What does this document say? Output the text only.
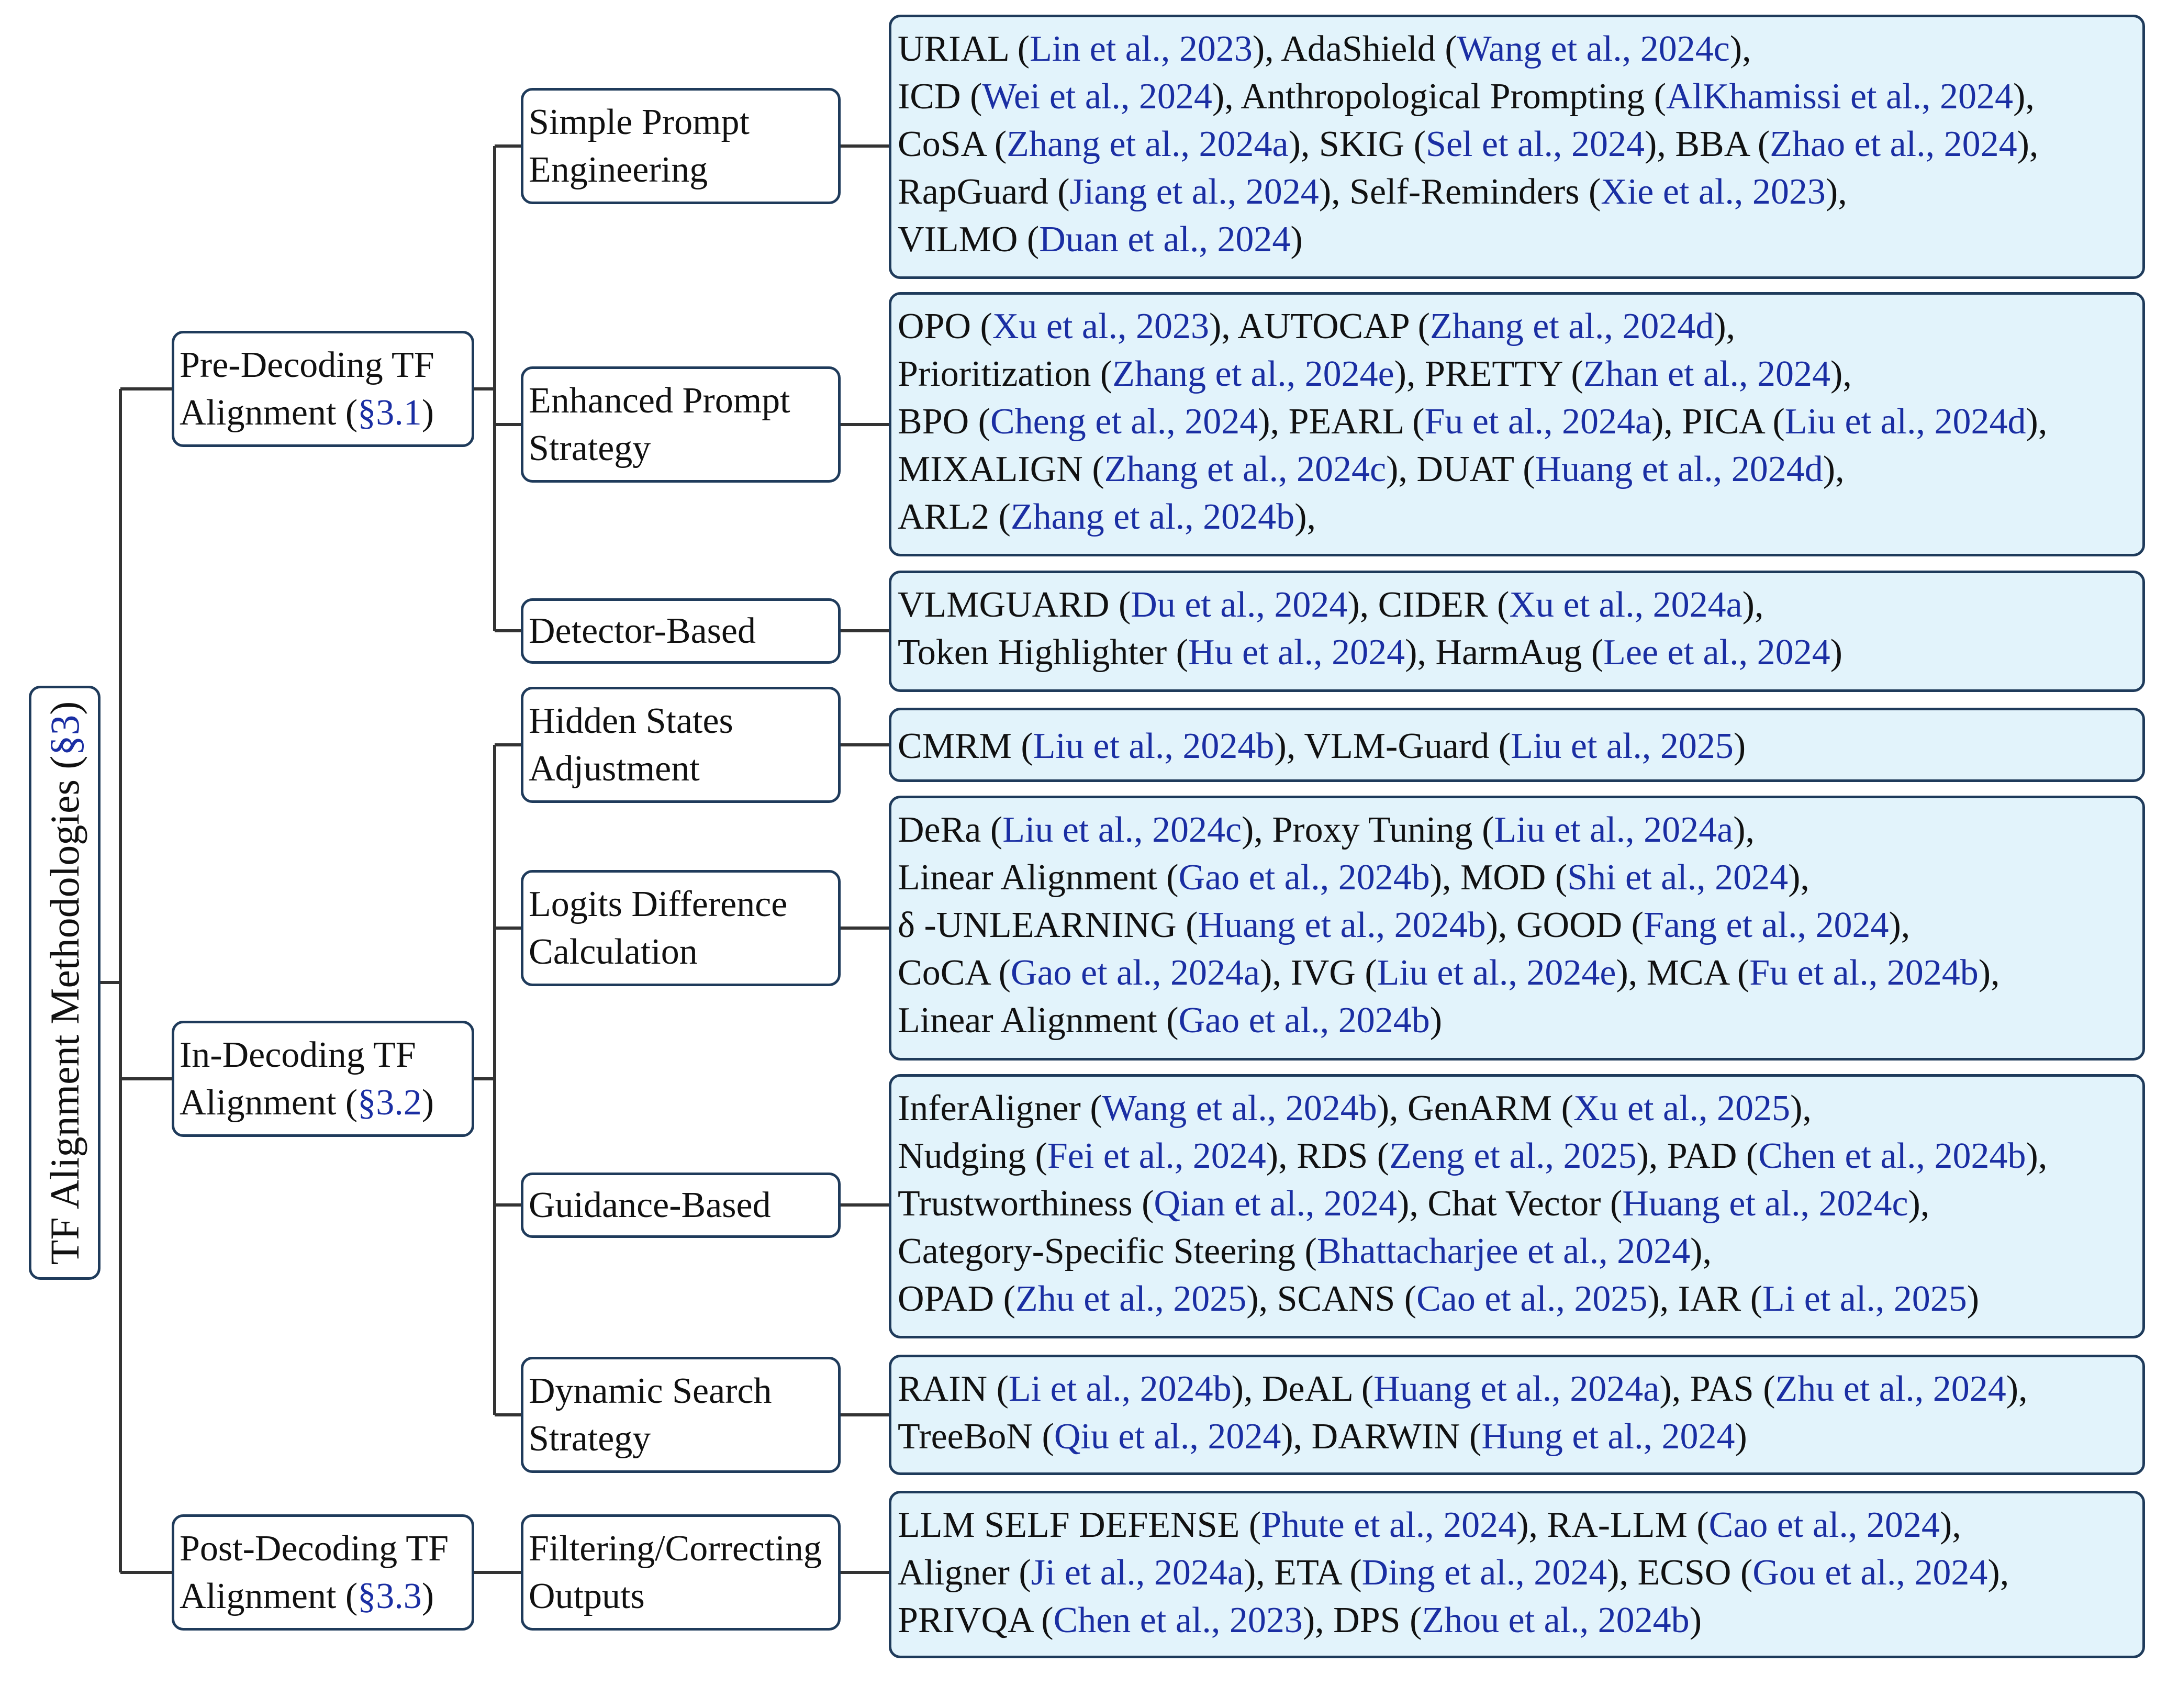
TF Alignment Methodologies (§3)
Pre-Decoding TF
Alignment (§3.1)
In-Decoding TF
Alignment (§3.2)
Post-Decoding TF
Alignment (§3.3)
Simple Prompt
Engineering
Enhanced Prompt
Strategy
Detector-Based
Hidden States
Adjustment
Logits Difference
Calculation
Guidance-Based
Dynamic Search
Strategy
Filtering/Correcting
Outputs
URIAL (Lin et al., 2023), AdaShield (Wang et al., 2024c),
ICD (Wei et al., 2024), Anthropological Prompting (AlKhamissi et al., 2024),
CoSA (Zhang et al., 2024a), SKIG (Sel et al., 2024), BBA (Zhao et al., 2024),
RapGuard (Jiang et al., 2024), Self-Reminders (Xie et al., 2023),
VILMO (Duan et al., 2024)
OPO (Xu et al., 2023), AUTOCAP (Zhang et al., 2024d),
Prioritization (Zhang et al., 2024e), PRETTY (Zhan et al., 2024),
BPO (Cheng et al., 2024), PEARL (Fu et al., 2024a), PICA (Liu et al., 2024d),
MIXALIGN (Zhang et al., 2024c), DUAT (Huang et al., 2024d),
ARL2 (Zhang et al., 2024b),
VLMGUARD (Du et al., 2024), CIDER (Xu et al., 2024a),
Token Highlighter (Hu et al., 2024), HarmAug (Lee et al., 2024)
CMRM (Liu et al., 2024b), VLM-Guard (Liu et al., 2025)
DeRa (Liu et al., 2024c), Proxy Tuning (Liu et al., 2024a),
Linear Alignment (Gao et al., 2024b), MOD (Shi et al., 2024),
δ -UNLEARNING (Huang et al., 2024b), GOOD (Fang et al., 2024),
CoCA (Gao et al., 2024a), IVG (Liu et al., 2024e), MCA (Fu et al., 2024b),
Linear Alignment (Gao et al., 2024b)
InferAligner (Wang et al., 2024b), GenARM (Xu et al., 2025),
Nudging (Fei et al., 2024), RDS (Zeng et al., 2025), PAD (Chen et al., 2024b),
Trustworthiness (Qian et al., 2024), Chat Vector (Huang et al., 2024c),
Category-Specific Steering (Bhattacharjee et al., 2024),
OPAD (Zhu et al., 2025), SCANS (Cao et al., 2025), IAR (Li et al., 2025)
RAIN (Li et al., 2024b), DeAL (Huang et al., 2024a), PAS (Zhu et al., 2024),
TreeBoN (Qiu et al., 2024), DARWIN (Hung et al., 2024)
LLM SELF DEFENSE (Phute et al., 2024), RA-LLM (Cao et al., 2024),
Aligner (Ji et al., 2024a), ETA (Ding et al., 2024), ECSO (Gou et al., 2024),
PRIVQA (Chen et al., 2023), DPS (Zhou et al., 2024b)
